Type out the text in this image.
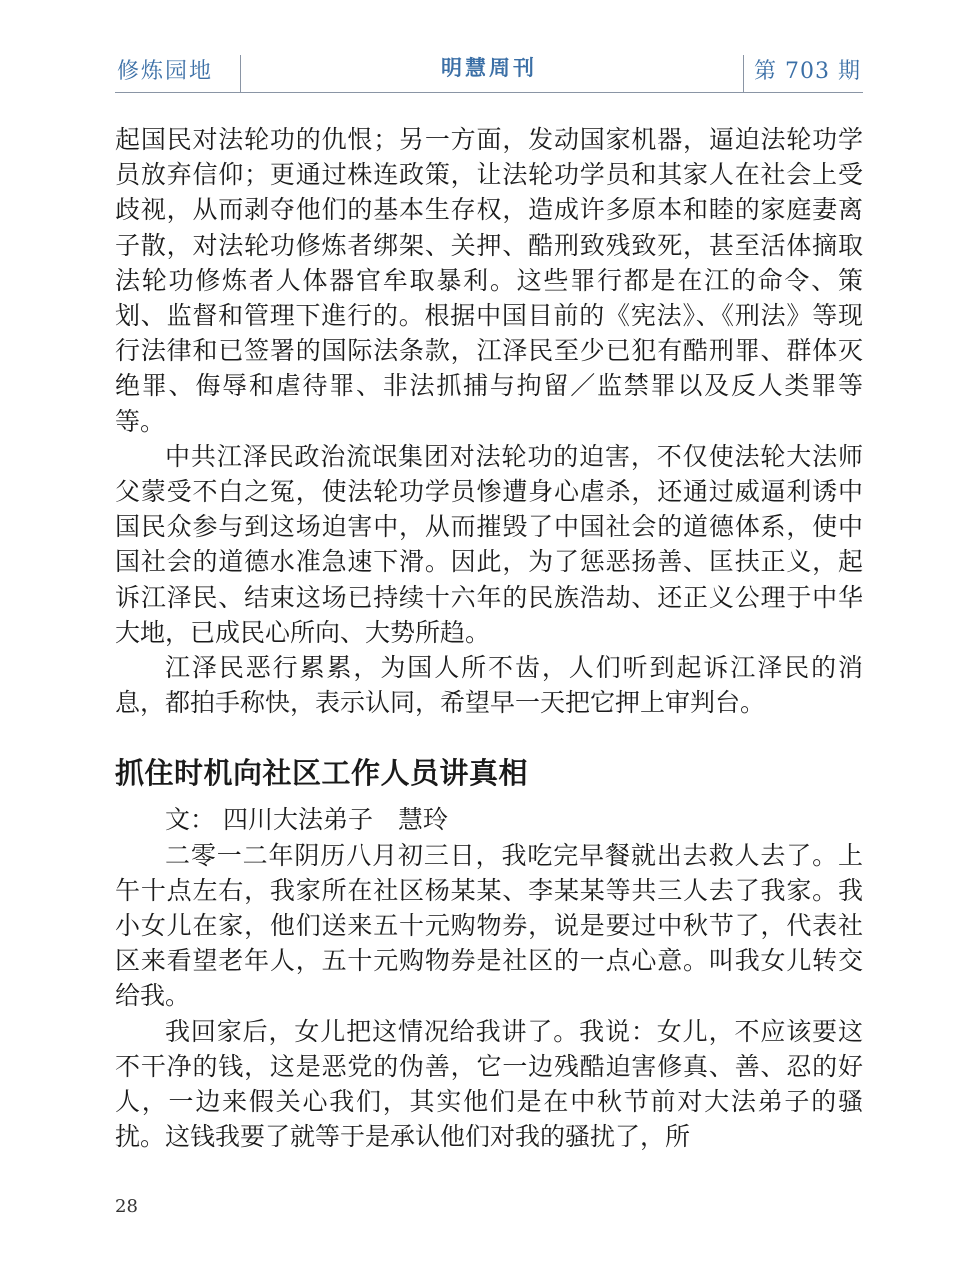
修炼园地	明慧周刊	第 703 期

起国民对法轮功的仇恨；另一方面，发动国家机器，逼迫法轮功学员放弃信仰；更通过株连政策，让法轮功学员和其家人在社会上受歧视，从而剥夺他们的基本生存权，造成许多原本和睦的家庭妻离子散，对法轮功修炼者绑架、关押、酷刑致残致死，甚至活体摘取法轮功修炼者人体器官牟取暴利。这些罪行都是在江的命令、策划、监督和管理下進行的。根据中国目前的《宪法》、《刑法》等现行法律和已签署的国际法条款，江泽民至少已犯有酷刑罪、群体灭绝罪、侮辱和虐待罪、非法抓捕与拘留／监禁罪以及反人类罪等等。

中共江泽民政治流氓集团对法轮功的迫害，不仅使法轮大法师父蒙受不白之冤，使法轮功学员惨遭身心虐杀，还通过威逼利诱中国民众参与到这场迫害中，从而摧毁了中国社会的道德体系，使中国社会的道德水准急速下滑。因此，为了惩恶扬善、匡扶正义，起诉江泽民、结束这场已持续十六年的民族浩劫、还正义公理于中华大地，已成民心所向、大势所趋。

江泽民恶行累累，为国人所不齿，人们听到起诉江泽民的消息，都拍手称快，表示认同，希望早一天把它押上审判台。

抓住时机向社区工作人员讲真相

文： 四川大法弟子　慧玲

二零一二年阴历八月初三日，我吃完早餐就出去救人去了。上午十点左右，我家所在社区杨某某、李某某等共三人去了我家。我小女儿在家，他们送来五十元购物券，说是要过中秋节了，代表社区来看望老年人，五十元购物券是社区的一点心意。叫我女儿转交给我。

我回家后，女儿把这情况给我讲了。我说：女儿，不应该要这不干净的钱，这是恶党的伪善，它一边残酷迫害修真、善、忍的好人，一边来假关心我们，其实他们是在中秋节前对大法弟子的骚扰。这钱我要了就等于是承认他们对我的骚扰了，所

28
